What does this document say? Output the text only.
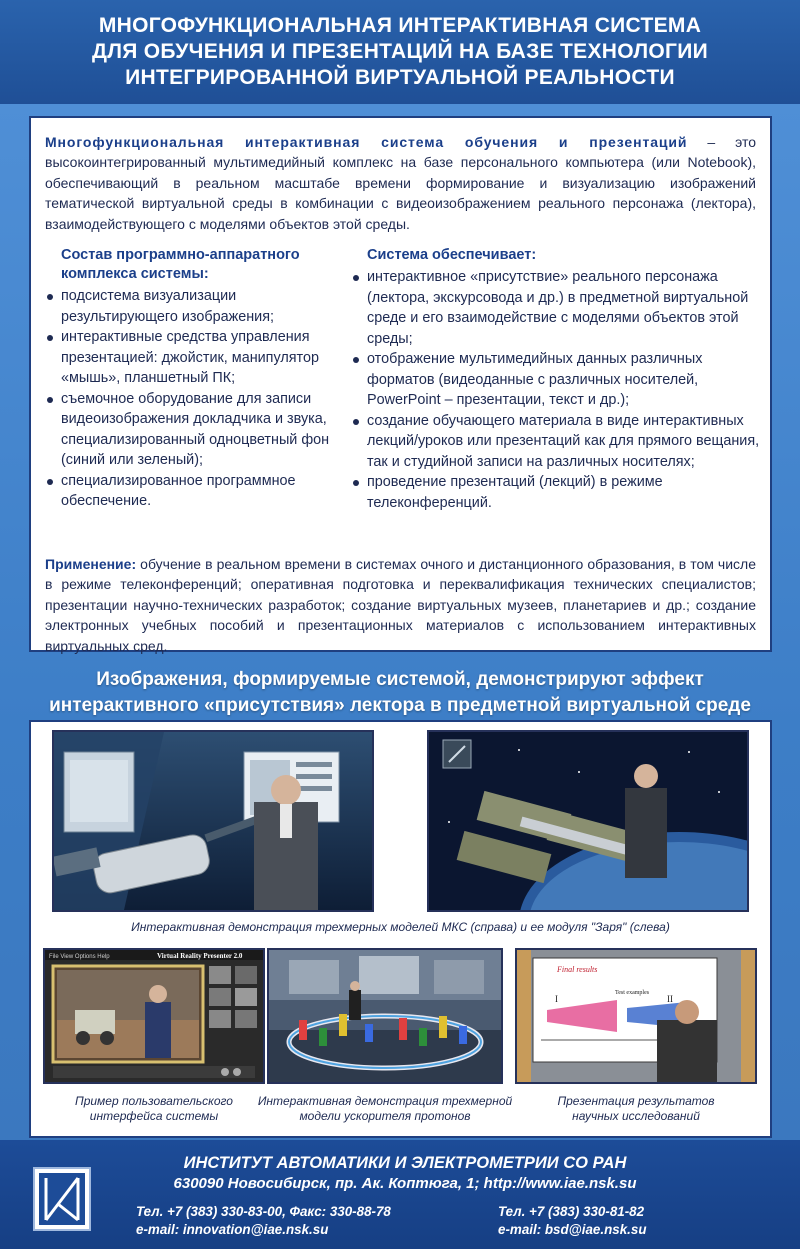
МНОГОФУНКЦИОНАЛЬНАЯ ИНТЕРАКТИВНАЯ СИСТЕМА
ДЛЯ ОБУЧЕНИЯ И ПРЕЗЕНТАЦИЙ НА БАЗЕ ТЕХНОЛОГИИ
ИНТЕГРИРОВАННОЙ ВИРТУАЛЬНОЙ РЕАЛЬНОСТИ

Многофункциональная интерактивная система обучения и презентаций – это высокоинтегрированный мультимедийный комплекс на базе персонального компьютера (или Notebook), обеспечивающий в реальном масштабе времени формирование и визуализацию изображений тематической виртуальной среды в комбинации с видеоизображением реального персонажа (лектора), взаимодействующего с моделями объектов этой среды.

Состав программно-аппаратного
комплекса системы:
подсистема визуализации результирующего изображения;
интерактивные средства управления презентацией: джойстик, манипулятор «мышь», планшетный ПК;
съемочное оборудование для записи видеоизображения докладчика и звука, специализированный одноцветный фон (синий или зеленый);
специализированное программное обеспечение.
Система обеспечивает:
интерактивное «присутствие» реального персонажа (лектора, экскурсовода и др.) в предметной виртуальной среде и его взаимодействие с моделями объектов этой среды;
отображение мультимедийных данных различных форматов (видеоданные с различных носителей, PowerPoint – презентации, текст и др.);
создание обучающего материала в виде интерактивных лекций/уроков или презентаций как для прямого вещания, так и студийной записи на различных носителях;
проведение презентаций (лекций) в режиме телеконференций.

Применение: обучение в реальном времени в системах очного и дистанционного образования, в том числе в режиме телеконференций; оперативная подготовка и переквалификация технических специалистов; презентации научно-технических разработок; создание виртуальных музеев, планетариев и др.; создание электронных учебных пособий и презентационных материалов с использованием интерактивных виртуальных сред.

Изображения, формируемые системой, демонстрируют эффект
интерактивного «присутствия» лектора в предметной виртуальной среде
Интерактивная демонстрация трехмерных моделей МКС (справа) и ее модуля "Заря" (слева)
File View Options Help	Virtual Reality Presenter 2.0
Final results
I	II
Test examples
Пример пользовательского
интерфейса системы
Интерактивная демонстрация трехмерной
модели ускорителя протонов
Презентация результатов
научных исследований
ИНСТИТУТ АВТОМАТИКИ И ЭЛЕКТРОМЕТРИИ СО РАН
630090 Новосибирск, пр. Ак. Коптюга, 1; http://www.iae.nsk.su
Тел. +7 (383) 330-83-00, Факс: 330-88-78
e-mail: innovation@iae.nsk.su
Тел. +7 (383) 330-81-82
e-mail: bsd@iae.nsk.su
